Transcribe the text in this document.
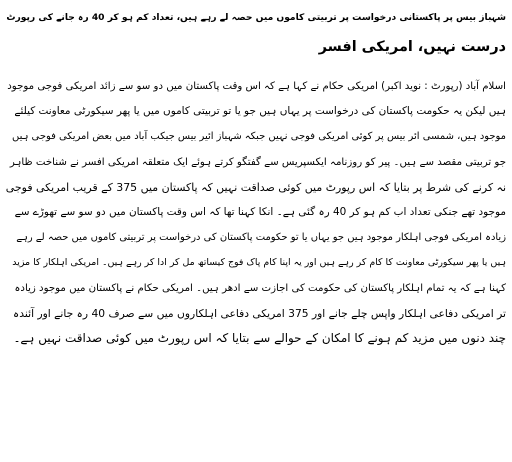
شہباز بیس پر پاکستانی درخواست پر تربیتی کاموں میں حصہ لے رہے ہیں، تعداد کم ہو کر 40 رہ جانے کی رپورٹ
درست نہیں، امریکی افسر
اسلام آباد (رپورٹ : نوید اکبر) امریکی حکام نے کہا ہے کہ اس وقت پاکستان میں دو سو سے زائد امریکی فوجی موجود
ہیں لیکن یہ حکومت پاکستان کی درخواست پر یہاں ہیں جو یا تو تربیتی کاموں میں یا پھر سیکورٹی معاونت کیلئے
موجود ہیں، شمسی ائر بیس پر کوئی امریکی فوجی نہیں جبکہ شہباز ائیر بیس جیکب آباد میں بعض امریکی فوجی ہیں
جو تربیتی مقصد سے ہیں۔ پیر کو روزنامہ ایکسپریس سے گفتگو کرتے ہوئے ایک متعلقہ امریکی افسر نے شناخت ظاہر
نہ کرنے کی شرط پر بتایا کہ اس رپورٹ میں کوئی صداقت نہیں کہ پاکستان میں 375 کے قریب امریکی فوجی
موجود تھے جنکی تعداد اب کم ہو کر 40 رہ گئی ہے۔ انکا کہنا تھا کہ اس وقت پاکستان میں دو سو سے تھوڑے سے
زیادہ امریکی فوجی اہلکار موجود ہیں جو یہاں یا تو حکومت پاکستان کی درخواست پر تربیتی کاموں میں حصہ لے رہے
ہیں یا پھر سیکورٹی معاونت کا کام کر رہے ہیں اور یہ اپنا کام پاک فوج کیساتھ مل کر ادا کر رہے ہیں۔ امریکی اہلکار کا مزید
کہنا ہے کہ یہ تمام اہلکار پاکستان کی حکومت کی اجازت سے ادھر ہیں۔ امریکی حکام نے پاکستان میں موجود زیادہ
تر امریکی دفاعی اہلکار واپس چلے جانے اور 375 امریکی دفاعی اہلکاروں میں سے صرف 40 رہ جانے اور آئندہ
چند دنوں میں مزید کم ہونے کا امکان کے حوالے سے بتایا کہ اس رپورٹ میں کوئی صداقت نہیں ہے۔
